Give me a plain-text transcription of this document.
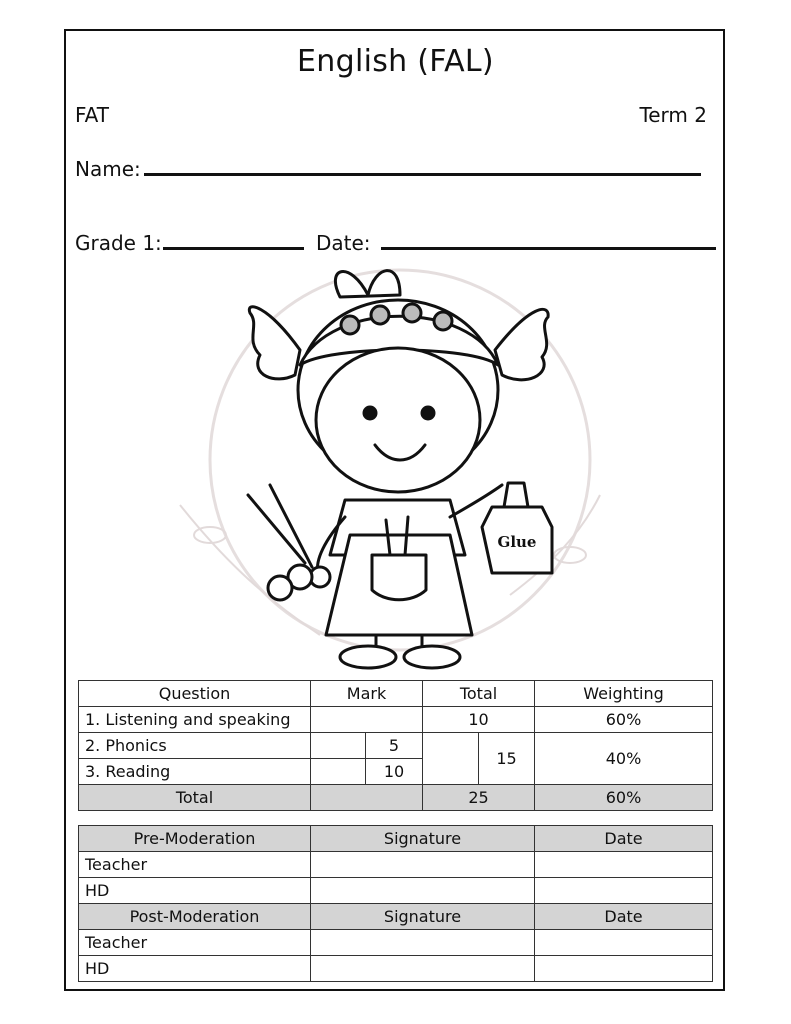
English (FAL)
FAT	Term 2
Name:
Grade 1:	Date:
Glue
Question	Mark		Total		Weighting
1. Listening and speaking			10		60%
2. Phonics		5		15	40%
3. Reading		10			
Total			25		60%
Pre-Moderation	Signature	Date
Teacher		
HD		
Post-Moderation	Signature	Date
Teacher		
HD		
